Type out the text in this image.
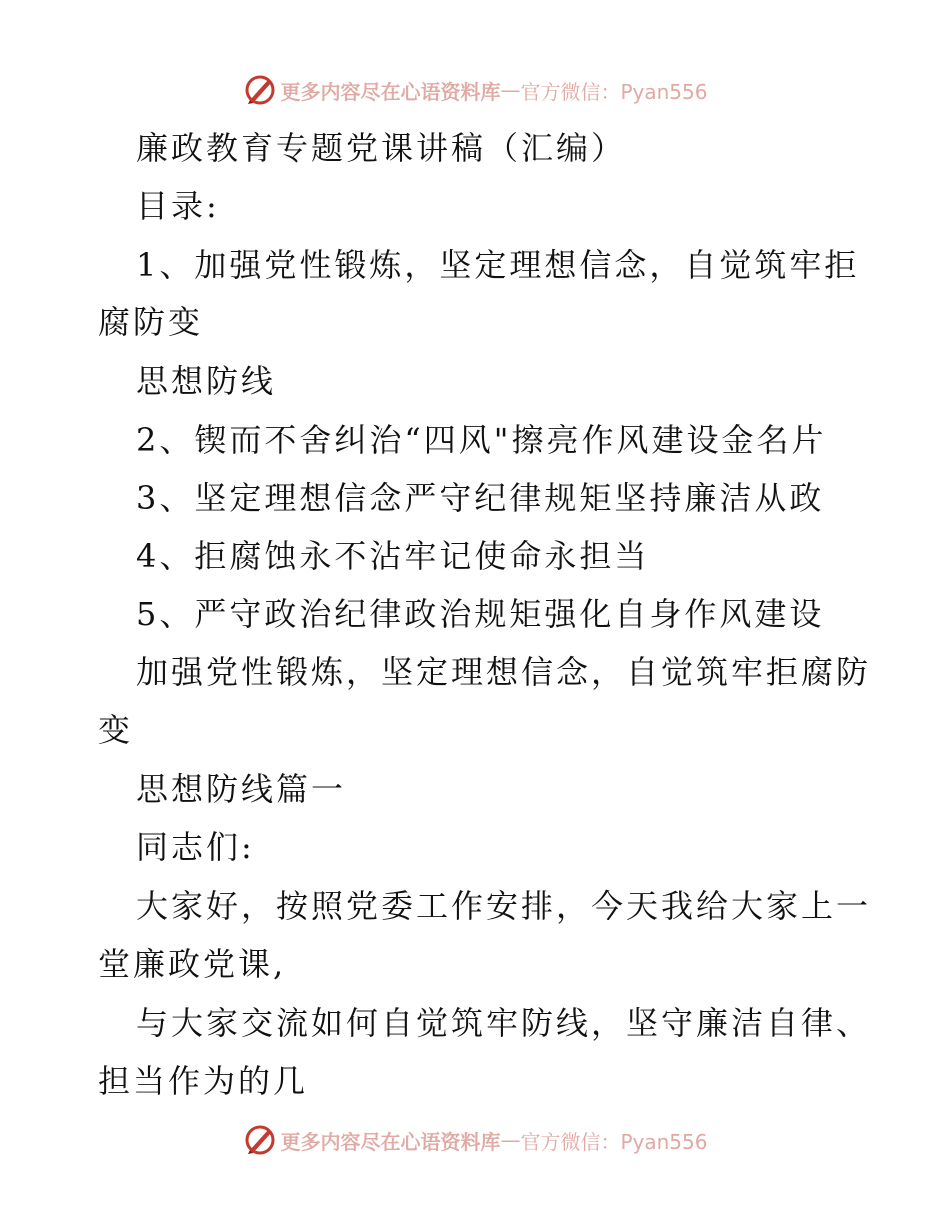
更多内容尽在心语资料库 — 官方微信：Pyan556
廉政教育专题党课讲稿（汇编）
目录:
1、加强党性锻炼，坚定理想信念，自觉筑牢拒
腐防变
思想防线
2、锲而不舍纠治“四风"擦亮作风建设金名片
3、坚定理想信念严守纪律规矩坚持廉洁从政
4、拒腐蚀永不沾牢记使命永担当
5、严守政治纪律政治规矩强化自身作风建设
加强党性锻炼，坚定理想信念，自觉筑牢拒腐防
变
思想防线篇一
同志们:
大家好，按照党委工作安排，今天我给大家上一
堂廉政党课,
与大家交流如何自觉筑牢防线，坚守廉洁自律、
担当作为的几
更多内容尽在心语资料库 — 官方微信：Pyan556
